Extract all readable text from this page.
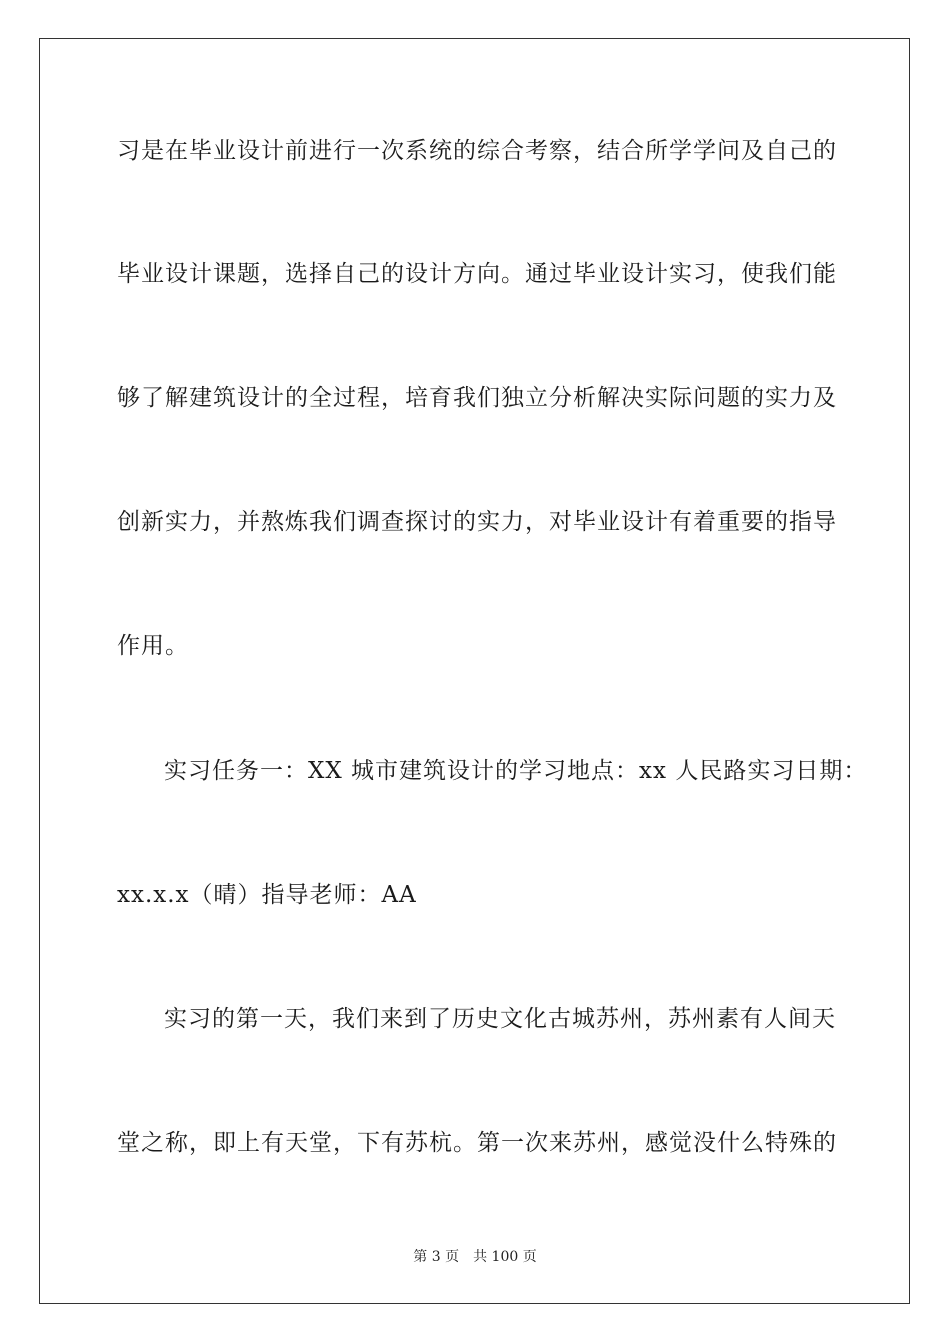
习是在毕业设计前进行一次系统的综合考察，结合所学学问及自己的
毕业设计课题，选择自己的设计方向。通过毕业设计实习，使我们能
够了解建筑设计的全过程，培育我们独立分析解决实际问题的实力及
创新实力，并熬炼我们调查探讨的实力，对毕业设计有着重要的指导
作用。
实习任务一：XX 城市建筑设计的学习地点：xx 人民路实习日期：
xx.x.x（晴）指导老师：AA
实习的第一天，我们来到了历史文化古城苏州，苏州素有人间天
堂之称，即上有天堂，下有苏杭。第一次来苏州，感觉没什么特殊的
第 3 页 共 100 页
